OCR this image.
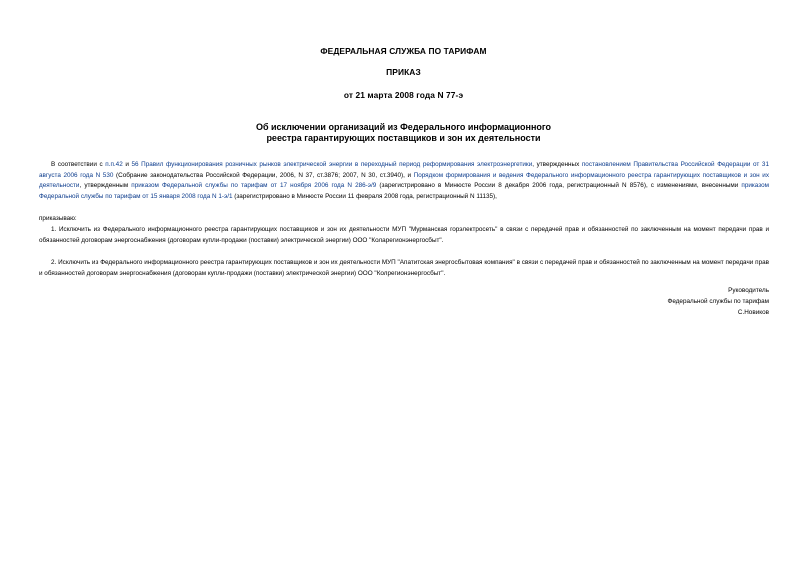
ФЕДЕРАЛЬНАЯ СЛУЖБА ПО ТАРИФАМ
ПРИКАЗ
от 21 марта 2008 года N 77-э
Об исключении организаций из Федерального информационного
реестра гарантирующих поставщиков и зон их деятельности

В соответствии с п.п.42 и 56 Правил функционирования розничных рынков электрической энергии в переходный период реформирования электроэнергетики, утвержденных постановлением Правительства Российской Федерации от 31 августа 2006 года N 530 (Собрание законодательства Российской Федерации, 2006, N 37, ст.3876; 2007, N 30, ст.3940), и Порядком формирования и ведения Федерального информационного реестра гарантирующих поставщиков и зон их деятельности, утвержденным приказом Федеральной службы по тарифам от 17 ноября 2006 года N 286-э/9 (зарегистрировано в Минюсте России 8 декабря 2006 года, регистрационный N 8576), с изменениями, внесенными приказом Федеральной службы по тарифам от 15 января 2008 года N 1-э/1 (зарегистрировано в Минюсте России 11 февраля 2008 года, регистрационный N 11135),

приказываю:

1. Исключить из Федерального информационного реестра гарантирующих поставщиков и зон их деятельности МУП "Мурманская горэлектросеть" в связи с передачей прав и обязанностей по заключенным на момент передачи прав и обязанностей договорам энергоснабжения (договорам купли-продажи (поставки) электрической энергии) ООО "Коларегионэнергосбыт".

2. Исключить из Федерального информационного реестра гарантирующих поставщиков и зон их деятельности МУП "Апатитская энергосбытовая компания" в связи с передачей прав и обязанностей по заключенным на момент передачи прав и обязанностей договорам энергоснабжения (договорам купли-продажи (поставки) электрической энергии) ООО "Колрегионэнергосбыт".

Руководитель
Федеральной службы по тарифам
С.Новиков
